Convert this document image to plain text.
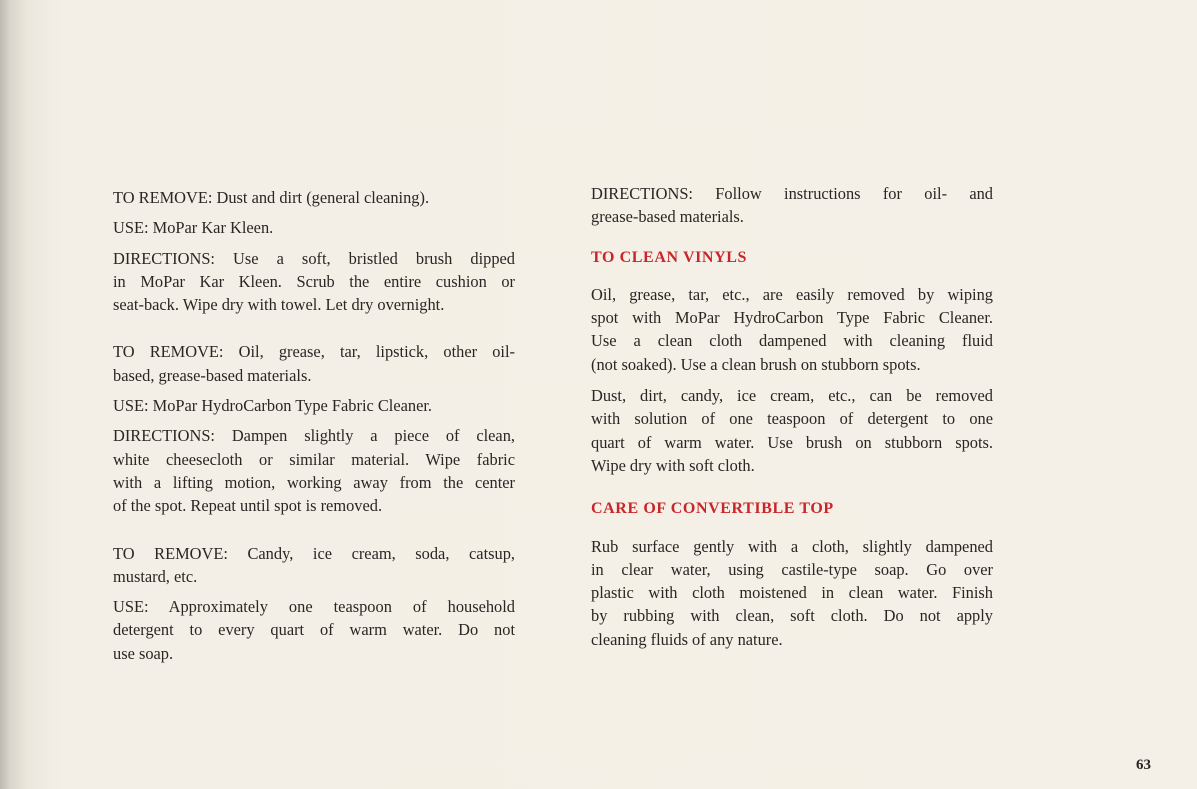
TO REMOVE: Dust and dirt (general cleaning).
USE: MoPar Kar Kleen.
DIRECTIONS: Use a soft, bristled brush dipped
in MoPar Kar Kleen. Scrub the entire cushion or
seat-back. Wipe dry with towel. Let dry overnight.
TO REMOVE: Oil, grease, tar, lipstick, other oil-
based, grease-based materials.
USE: MoPar HydroCarbon Type Fabric Cleaner.
DIRECTIONS: Dampen slightly a piece of clean,
white cheesecloth or similar material. Wipe fabric
with a lifting motion, working away from the center
of the spot. Repeat until spot is removed.
TO REMOVE: Candy, ice cream, soda, catsup,
mustard, etc.
USE: Approximately one teaspoon of household
detergent to every quart of warm water. Do not
use soap.
DIRECTIONS: Follow instructions for oil- and
grease-based materials.
TO CLEAN VINYLS
Oil, grease, tar, etc., are easily removed by wiping
spot with MoPar HydroCarbon Type Fabric Cleaner.
Use a clean cloth dampened with cleaning fluid
(not soaked). Use a clean brush on stubborn spots.
Dust, dirt, candy, ice cream, etc., can be removed
with solution of one teaspoon of detergent to one
quart of warm water. Use brush on stubborn spots.
Wipe dry with soft cloth.
CARE OF CONVERTIBLE TOP
Rub surface gently with a cloth, slightly dampened
in clear water, using castile-type soap. Go over
plastic with cloth moistened in clean water. Finish
by rubbing with clean, soft cloth. Do not apply
cleaning fluids of any nature.
63
